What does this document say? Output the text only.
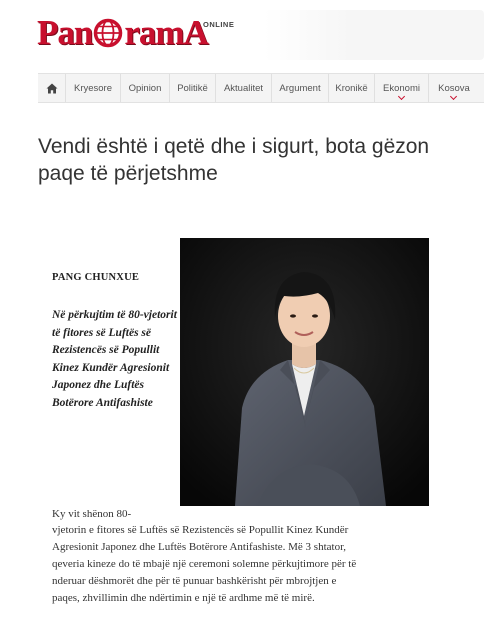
Pan ramA
ONLINE
Kryesore	Opinion	Politikë	Aktualitet	Argument	Kronikë	Ekonomi	Kosova
Vendi është i qetë dhe i sigurt, bota gëzon paqe të përjetshme
PANG CHUNXUE
Në përkujtim të 80-vjetorit të fitores së Luftës së Rezistencës së Popullit Kinez Kundër Agresionit Japonez dhe Luftës Botërore Antifashiste
Ky vit shënon 80-
vjetorin e fitores së Luftës së Rezistencës së Popullit Kinez Kundër
Agresionit Japonez dhe Luftës Botërore Antifashiste. Më 3 shtator,
qeveria kineze do të mbajë një ceremoni solemne përkujtimore për të
nderuar dëshmorët dhe për të punuar bashkërisht për mbrojtjen e
paqes, zhvillimin dhe ndërtimin e një të ardhme më të mirë.
